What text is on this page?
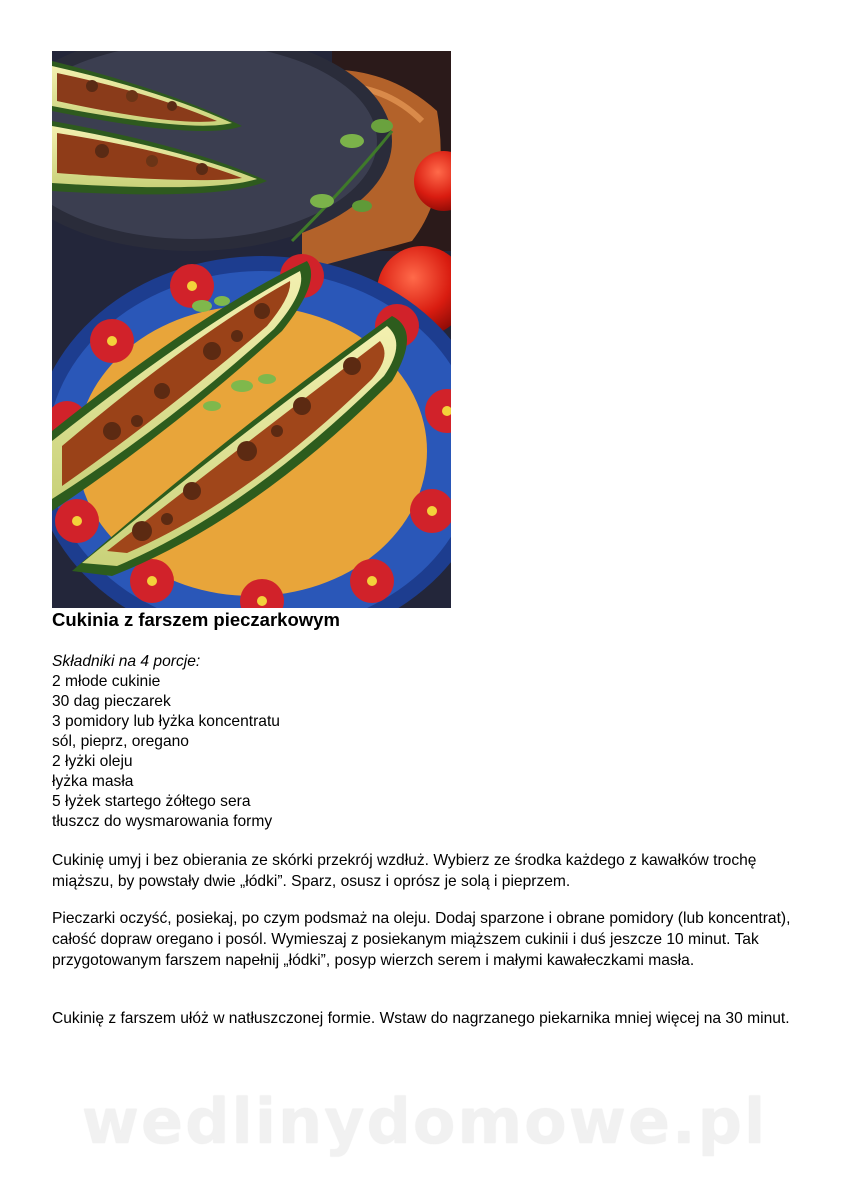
Cukinia z farszem pieczarkowym
Składniki na 4 porcje:
2 młode cukinie
30 dag pieczarek
3 pomidory lub łyżka koncentratu
sól, pieprz, oregano
2 łyżki oleju
łyżka masła
5 łyżek startego żółtego sera
tłuszcz do wysmarowania formy
Cukinię umyj i bez obierania ze skórki przekrój wzdłuż. Wybierz ze środka każdego z kawałków trochę miąższu, by powstały dwie „łódki”. Sparz, osusz i oprósz je solą i pieprzem.
Pieczarki oczyść, posiekaj, po czym podsmaż na oleju. Dodaj sparzone i obrane pomidory (lub koncentrat), całość dopraw oregano i posól. Wymieszaj z posiekanym miąższem cukinii i duś jeszcze 10 minut. Tak przygotowanym farszem napełnij „łódki”, posyp wierzch serem i małymi kawałeczkami masła.
Cukinię z farszem ułóż w natłuszczonej formie. Wstaw do nagrzanego piekarnika mniej więcej na 30 minut.
wedlinydomowe.pl
